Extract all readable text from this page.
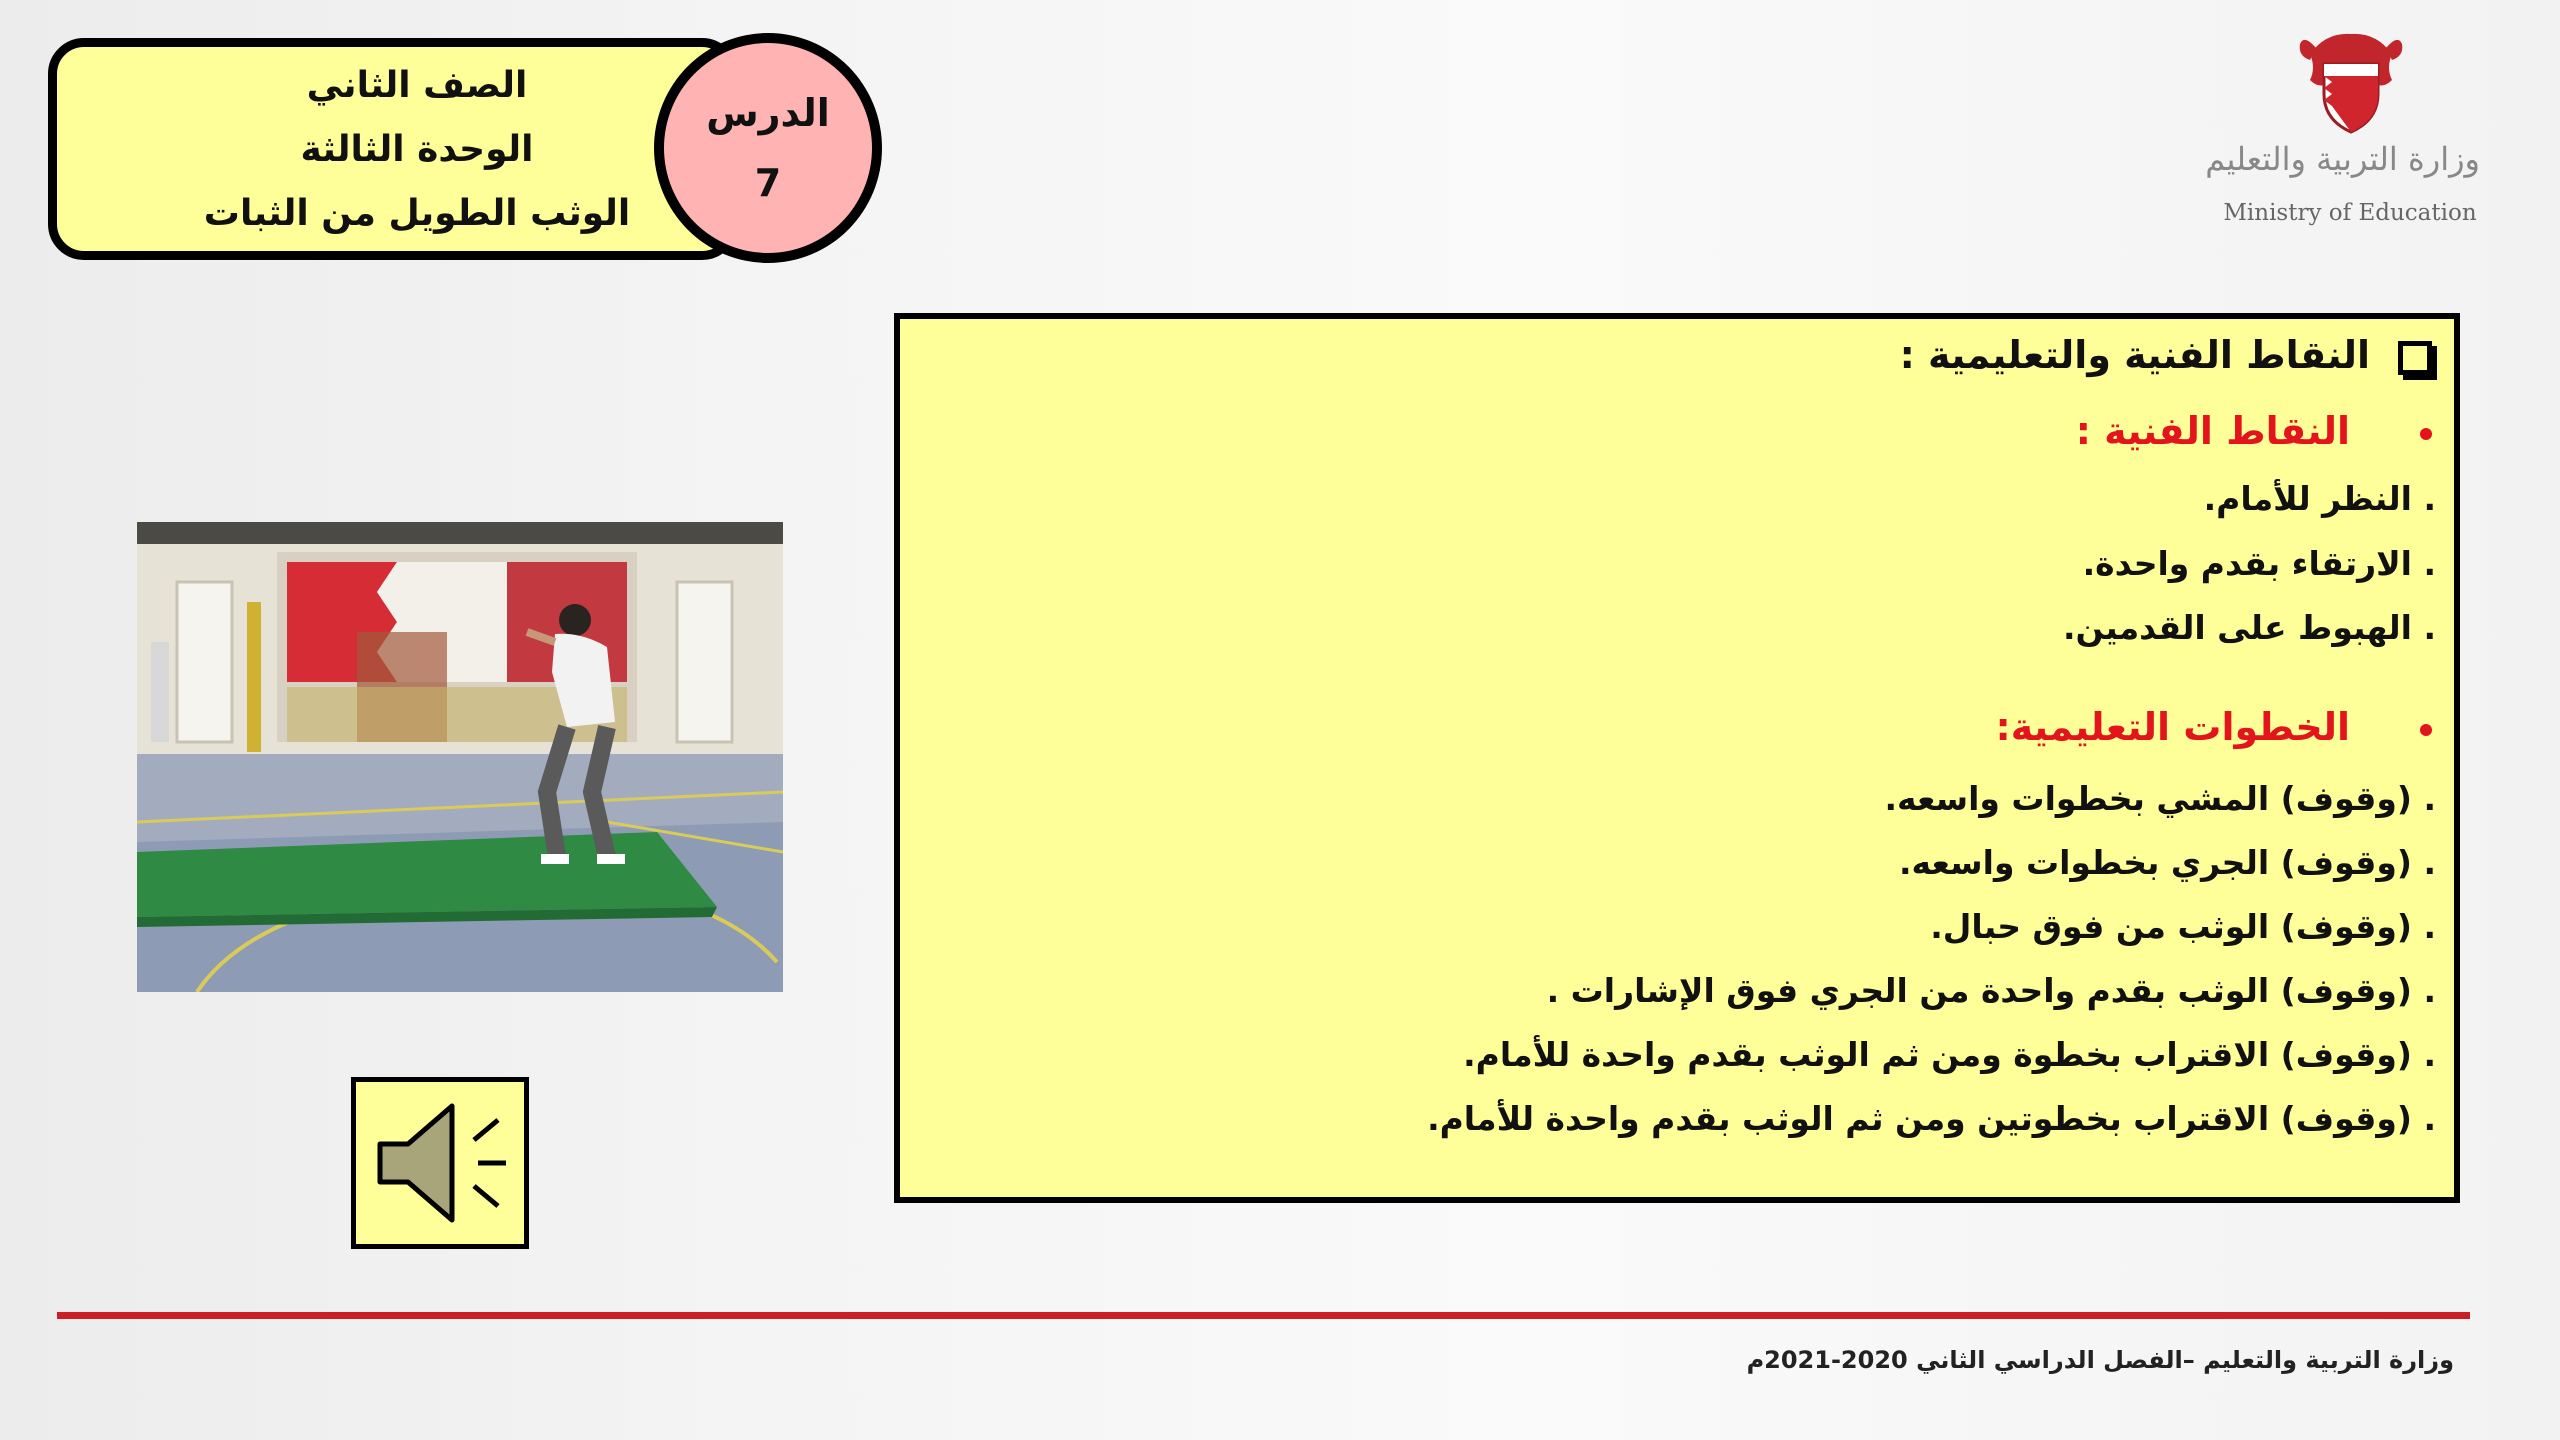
الصف الثاني
الوحدة الثالثة
الوثب الطويل من الثبات
الدرس
7
وزارة التربية والتعليم
Ministry of Education
النقاط الفنية والتعليمية :
النقاط الفنية :
. النظر للأمام.
. الارتقاء بقدم واحدة.
. الهبوط على القدمين.
الخطوات التعليمية:
. (وقوف) المشي بخطوات واسعه.
. (وقوف) الجري بخطوات واسعه.
. (وقوف) الوثب من فوق حبال.
. (وقوف) الوثب بقدم واحدة من الجري فوق الإشارات .
. (وقوف) الاقتراب بخطوة ومن ثم الوثب بقدم واحدة للأمام.
. (وقوف) الاقتراب بخطوتين ومن ثم الوثب بقدم واحدة للأمام.
وزارة التربية والتعليم –الفصل الدراسي الثاني 2020-2021م
